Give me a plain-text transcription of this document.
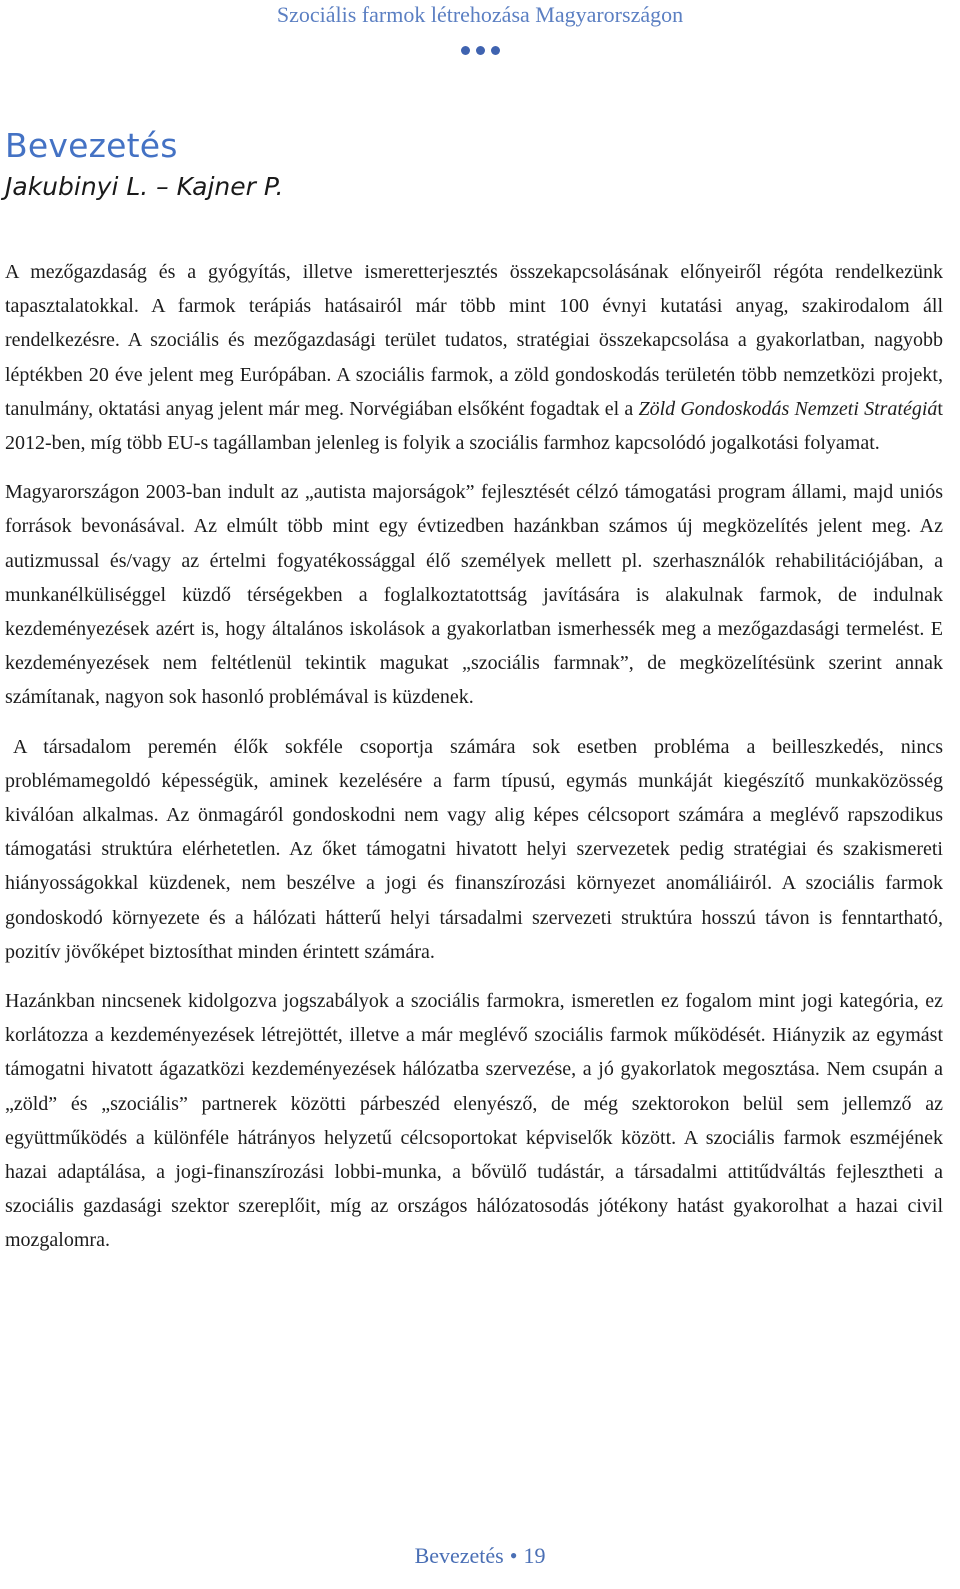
Szociális farmok létrehozása Magyarországon
Bevezetés
Jakubinyi L. – Kajner P.

A mezőgazdaság és a gyógyítás, illetve ismeretterjesztés összekapcsolásának előnyeiről régóta rendelkezünk tapasztalatokkal. A farmok terápiás hatásairól már több mint 100 évnyi kutatási anyag, szakirodalom áll rendelkezésre. A szociális és mezőgazdasági terület tudatos, stratégiai összekapcsolása a gyakorlatban, nagyobb léptékben 20 éve jelent meg Európában. A szociális farmok, a zöld gondoskodás területén több nemzetközi projekt, tanulmány, oktatási anyag jelent már meg. Norvégiában elsőként fogadtak el a Zöld Gondoskodás Nemzeti Stratégiát 2012-ben, míg több EU-s tagállamban jelenleg is folyik a szociális farmhoz kapcsolódó jogalkotási folyamat.

Magyarországon 2003-ban indult az „autista majorságok” fejlesztését célzó támogatási program állami, majd uniós források bevonásával. Az elmúlt több mint egy évtizedben hazánkban számos új megközelítés jelent meg. Az autizmussal és/vagy az értelmi fogyatékossággal élő személyek mellett pl. szerhasználók rehabilitációjában, a munkanélküliséggel küzdő térségekben a foglalkoztatottság javítására is alakulnak farmok, de indulnak kezdeményezések azért is, hogy általános iskolások a gyakorlatban ismerhessék meg a mezőgazdasági termelést. E kezdeményezések nem feltétlenül tekintik magukat „szociális farmnak”, de megközelítésünk szerint annak számítanak, nagyon sok hasonló problémával is küzdenek.

A társadalom peremén élők sokféle csoportja számára sok esetben probléma a beilleszkedés, nincs problémamegoldó képességük, aminek kezelésére a farm típusú, egymás munkáját kiegészítő munkaközösség kiválóan alkalmas. Az önmagáról gondoskodni nem vagy alig képes célcsoport számára a meglévő rapszodikus támogatási struktúra elérhetetlen. Az őket támogatni hivatott helyi szervezetek pedig stratégiai és szakismereti hiányosságokkal küzdenek, nem beszélve a jogi és finanszírozási környezet anomáliáiról. A szociális farmok gondoskodó környezete és a hálózati hátterű helyi társadalmi szervezeti struktúra hosszú távon is fenntartható, pozitív jövőképet biztosíthat minden érintett számára.

Hazánkban nincsenek kidolgozva jogszabályok a szociális farmokra, ismeretlen ez fogalom mint jogi kategória, ez korlátozza a kezdeményezések létrejöttét, illetve a már meglévő szociális farmok működését. Hiányzik az egymást támogatni hivatott ágazatközi kezdeményezések hálózatba szervezése, a jó gyakorlatok megosztása. Nem csupán a „zöld” és „szociális” partnerek közötti párbeszéd elenyésző, de még szektorokon belül sem jellemző az együttműködés a különféle hátrányos helyzetű célcsoportokat képviselők között. A szociális farmok eszméjének hazai adaptálása, a jogi-finanszírozási lobbi-munka, a bővülő tudástár, a társadalmi attitűdváltás fejlesztheti a szociális gazdasági szektor szereplőit, míg az országos hálózatosodás jótékony hatást gyakorolhat a hazai civil mozgalomra.

Bevezetés • 19
